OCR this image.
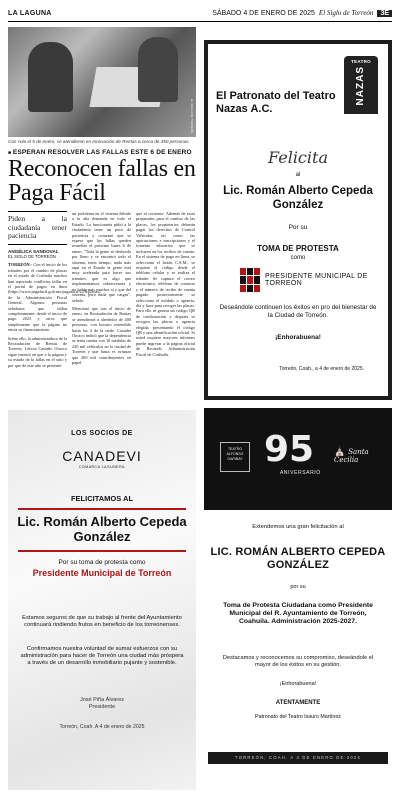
LA LAGUNA	SÁBADO 4 DE ENERO DE 2025 El Siglo de Torreón	3E
EL SIGLO DE TORREÓN
Con solo el 5 de enero, se atendieron en Innovación de Rentas a cerca de 350 personas.
■ ESPERAN RESOLVER LAS FALLAS ESTE 6 DE ENERO
Reconocen fallas en Paga Fácil
Piden a la ciudadanía tener paciencia
ANGÉLICA SANDOVAL
EL SIGLO DE TORREÓN

TORREÓN.- Con el inicio de los trámites por el cambio de placas en el estado de Coahuila muchos han reportado conflictos fallas en el portal de pagos en línea (https://www.pagafacil.gob.mx/pagafacil/v2/#/placas) de la Administración Fiscal General. Algunos personas señalaron que fallan completamente; desde el inicio de pago 2025 y otros que simplemente que la página no envía su financiamiento.

Sobre ello, la administradora de la Recaudación de Rentas de Torreón, Leticia Castaño Orozco sigue insistió en que a la página y su estado de la fallas en el sitio y por que de este año se presentó

un problema en el sistema debido a la alta demanda en todo el Estado. La funcionaria pidió a la ciudadanía tener un poco de paciencia y comentó que se espera que las fallas queden resueltas el próximo lunes 6 de enero. "Toda la gente se desborda por lleno y se encontró todo el sistema, tenía tiempo, nada más aquí en el Estado la gente está muy acelerada para hacer sus trámites, que es algo que implementamos subsecretaria y no había más muchos sí y que del sistema, pero nada que cargas", señalo.

Mencionó que tras el inicio de enero, en Recaudación de Rentas se atendieron a alrededor de 400 personas, con horario extendido hasta las 4 de la tarde. Castaño Orozco indicó que la dependencia se tenía cuenta con 10 médulas de 220 mil vehículos en la ciudad de Torreón y que hasta es avanzar que 300 mil contribuyentes en papel

que al corriente. Además de estar preparados para el cambio de las placas, los propietarios deberán pagar los derechos de Control Vehicular, así como las aportaciones e inscripciones y el fomento educativo que se incluyen en los recibos de cuenta. En el sistema de pago en línea, se selecciona el botón C.S.M., se requiere el código desde el teléfono celular y se realiza el trámite. Se captura el correo electrónico, teléfono de contacto y el número de recibo de cuenta pagado posteriormente se selecciona el módulo o agencia, día y hora para recoger las placas. Para ello se genera un código QR de confirmación y después se recogen las placas o agencia elegida, presentando el código QR y una identificación oficial. Si usted requiere mayores informes puede ingresar a la página oficial de Recaudo Administración Fiscal de Coahuila.

El Patronato del Teatro Nazas A.C.
TEATRO
NAZAS
Felicita
al
Lic. Román Alberto Cepeda González
Por su
TOMA DE PROTESTA
como
PRESIDENTE MUNICIPAL DE TORREÓN
Deseándole continuen los éxitos en pro del bienestar de la Ciudad de Torreón.
¡Enhorabuena!
Torreón, Coah., a 4 de enero de 2025.
LOS SOCIOS DE
CANADEVI
COMARCA LAGUNERA
FELICITAMOS AL
Lic. Román Alberto Cepeda González
Por su toma de protesta como
Presidente Municipal de Torreón
Estamos seguros de que su trabajo al frente del Ayuntamiento continuará rindiendo frutos en beneficio de los torreonenses.
Confirmamos nuestra voluntad de sumar esfuerzos con su administración para hacer de Torreón una ciudad más próspera a través de un desarrollo inmobiliario pujante y sostenible.
José Piña Álvarez
Presidente
Torreón, Coah. A 4 de enero de 2025
TEATRO ALFONSO GARIBAY 95
ANIVERSARIO
⛪ Santa Cecilia
Extendemos una gran felicitación al
LIC. ROMÁN ALBERTO CEPEDA GONZÁLEZ
por su
Toma de Protesta Ciudadana como Presidente Municipal del R. Ayuntamiento de Torreón, Coahuila. Administración 2025-2027.
Destacamos y reconocemos su compromiso, deseándole el mayor de los éxitos en su gestión.
¡Enhorabuena!
ATENTAMENTE
Patronato del Teatro Isauro Martínez
TORREÓN, COAH. A 4 DE ENERO DE 2024
